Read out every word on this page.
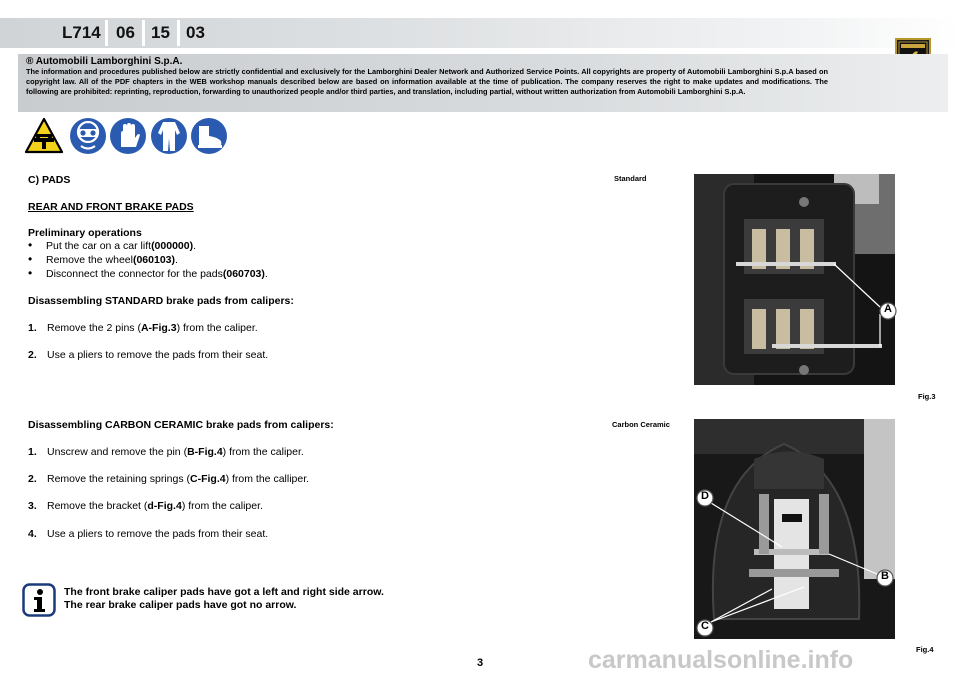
L714 06 15 03
® Automobili Lamborghini S.p.A.
The information and procedures published below are strictly confidential and exclusively for the Lamborghini Dealer Network and Authorized Service Points. All copyrights are property of Automobili Lamborghini S.p.A based on copyright law. All of the PDF chapters in the WEB workshop manuals described below are based on information available at the time of publication. The company reserves the right to make updates and modifications. The following are prohibited: reprinting, reproduction, forwarding to unauthorized people and/or third parties, and translation, including partial, without written authorization from Automobili Lamborghini S.p.A.
C) PADS
REAR AND FRONT BRAKE PADS
Preliminary operations
•	Put the car on a car lift (000000) .
•	Remove the wheel (060103) .
•	Disconnect the connector for the pads (060703) .
Disassembling STANDARD brake pads from calipers:
1. Remove the 2 pins ( A-Fig.3 ) from the caliper.
2. Use a pliers to remove the pads from their seat.
Disassembling CARBON CERAMIC brake pads from calipers:
1. Unscrew and remove the pin ( B-Fig.4 ) from the caliper.
2. Remove the retaining springs ( C-Fig.4 ) from the calliper.
3. Remove the bracket ( d-Fig.4 ) from the caliper.
4. Use a pliers to remove the pads from their seat.
The front brake caliper pads have got a left and right side arrow.
The rear brake caliper pads have got no arrow.
Standard
A
Fig.3
Carbon Ceramic
D
B
C
Fig.4
carmanualsonline.info
3
